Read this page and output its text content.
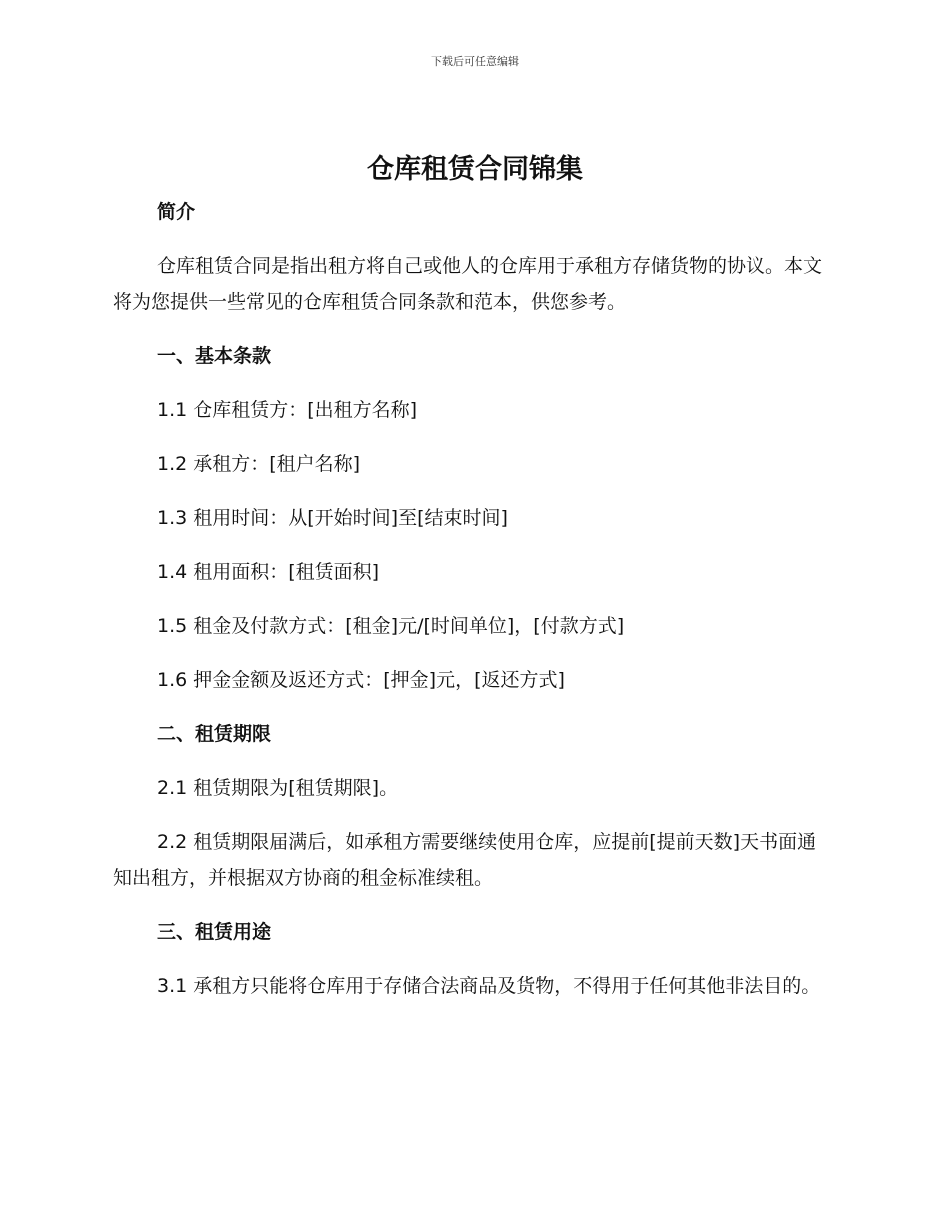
下载后可任意编辑
仓库租赁合同锦集
简介

仓库租赁合同是指出租方将自己或他人的仓库用于承租方存储货物的协议。本文将为您提供一些常见的仓库租赁合同条款和范本，供您参考。

一、基本条款

1.1 仓库租赁方：[出租方名称]

1.2 承租方：[租户名称]

1.3 租用时间：从[开始时间]至[结束时间]

1.4 租用面积：[租赁面积]

1.5 租金及付款方式：[租金]元/[时间单位]，[付款方式]

1.6 押金金额及返还方式：[押金]元，[返还方式]

二、租赁期限

2.1 租赁期限为[租赁期限]。

2.2 租赁期限届满后，如承租方需要继续使用仓库，应提前[提前天数]天书面通知出租方，并根据双方协商的租金标准续租。

三、租赁用途

3.1 承租方只能将仓库用于存储合法商品及货物，不得用于任何其他非法目的。
